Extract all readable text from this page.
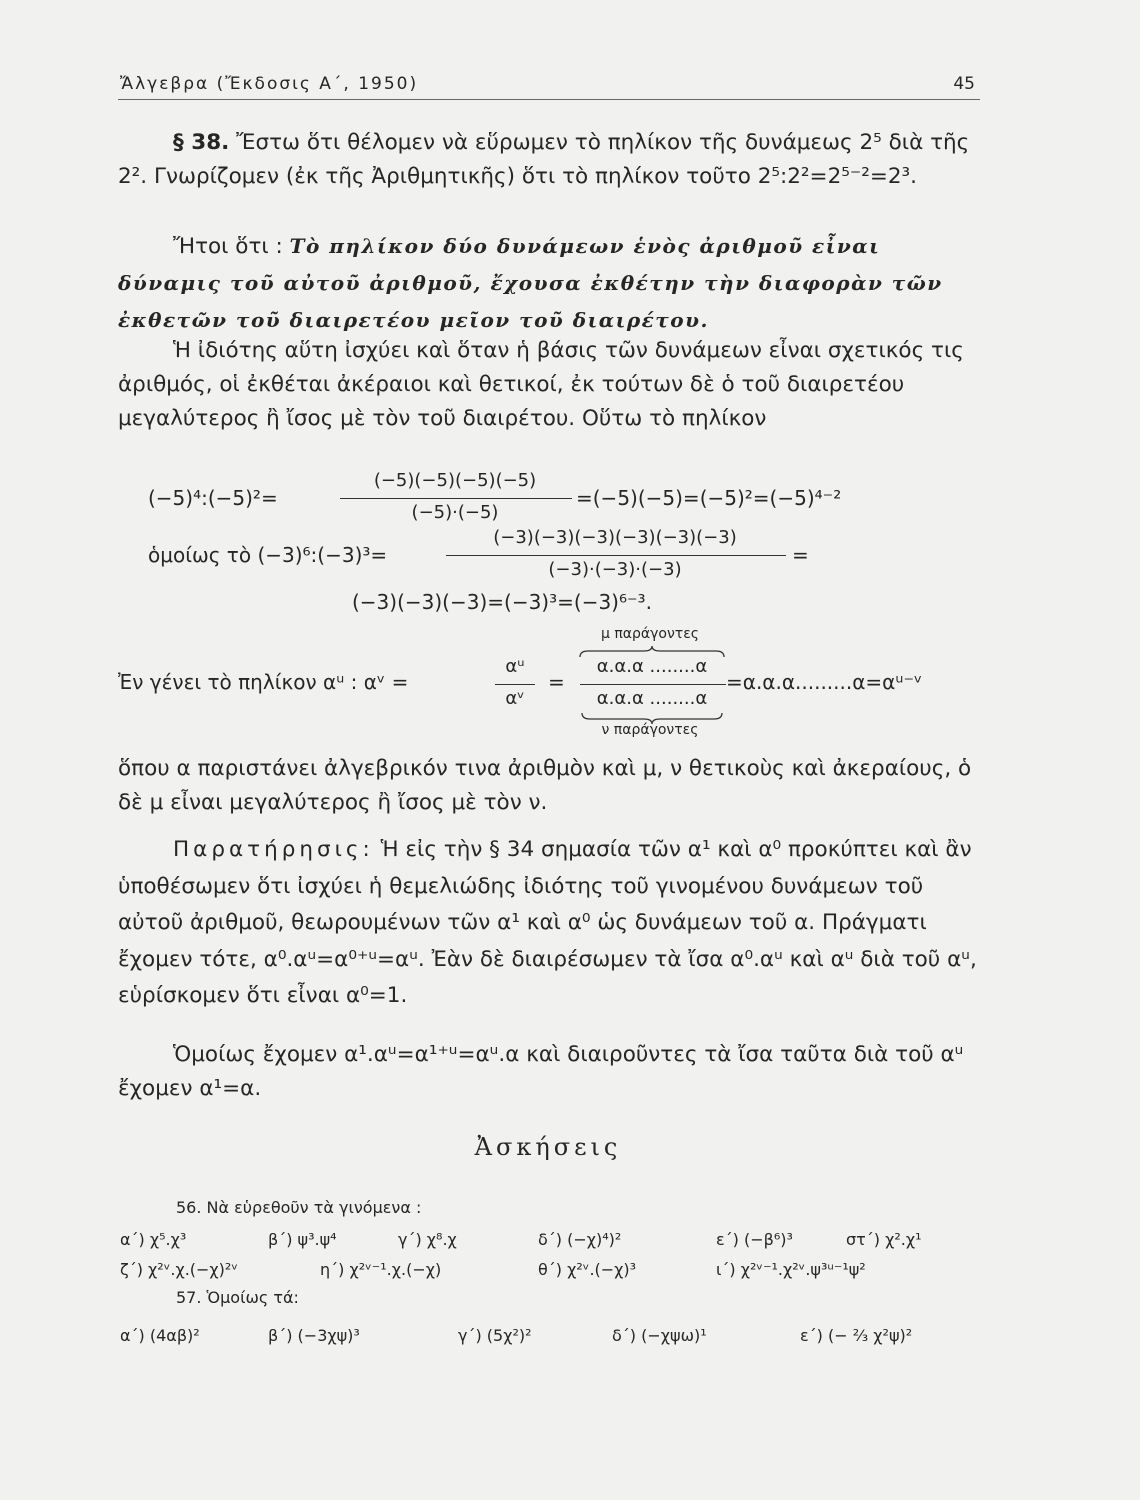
Ἄλγεβρα (Ἔκδοσις Α΄, 1950)	45
§ 38. Ἔστω ὅτι θέλομεν νὰ εὕρωμεν τὸ πηλίκον τῆς δυνάμεως 2⁵ διὰ τῆς 2². Γνωρίζομεν (ἐκ τῆς Ἀριθμητικῆς) ὅτι τὸ πηλίκον τοῦτο 2⁵:2²=2⁵⁻²=2³.
Ἤτοι ὅτι : Τὸ πηλίκον δύο δυνάμεων ἑνὸς ἀριθμοῦ εἶναι δύναμις τοῦ αὐτοῦ ἀριθμοῦ, ἔχουσα ἐκθέτην τὴν διαφορὰν τῶν ἐκθετῶν τοῦ διαιρετέου μεῖον τοῦ διαιρέτου.
Ἡ ἰδιότης αὕτη ἰσχύει καὶ ὅταν ἡ βάσις τῶν δυνάμεων εἶναι σχετικός τις ἀριθμός, οἱ ἐκθέται ἀκέραιοι καὶ θετικοί, ἐκ τούτων δὲ ὁ τοῦ διαιρετέου μεγαλύτερος ἢ ἴσος μὲ τὸν τοῦ διαιρέτου. Οὕτω τὸ πηλίκον
(−5)⁴:(−5)²=
(−5)(−5)(−5)(−5)
(−5)·(−5)
=(−5)(−5)=(−5)²=(−5)⁴⁻²
ὁμοίως τὸ (−3)⁶:(−3)³=
(−3)(−3)(−3)(−3)(−3)(−3)
(−3)·(−3)·(−3)
=
(−3)(−3)(−3)=(−3)³=(−3)⁶⁻³.
μ παράγοντες
Ἐν γένει τὸ πηλίκον αᵘ : αᵛ =
αᵘ
αᵛ
=
α.α.α ........α
α.α.α ........α
=α.α.α.........α=αᵘ⁻ᵛ
ν παράγοντες
ὅπου α παριστάνει ἀλγεβρικόν τινα ἀριθμὸν καὶ μ, ν θετικοὺς καὶ ἀκεραίους, ὁ δὲ μ εἶναι μεγαλύτερος ἢ ἴσος μὲ τὸν ν.
Παρατήρησις: Ἡ εἰς τὴν § 34 σημασία τῶν α¹ καὶ α⁰ προκύπτει καὶ ἂν ὑποθέσωμεν ὅτι ἰσχύει ἡ θεμελιώδης ἰδιότης τοῦ γινομένου δυνάμεων τοῦ αὐτοῦ ἀριθμοῦ, θεωρουμένων τῶν α¹ καὶ α⁰ ὡς δυνάμεων τοῦ α. Πράγματι ἔχομεν τότε, α⁰.αᵘ=α⁰⁺ᵘ=αᵘ. Ἐὰν δὲ διαιρέσωμεν τὰ ἴσα α⁰.αᵘ καὶ αᵘ διὰ τοῦ αᵘ, εὑρίσκομεν ὅτι εἶναι α⁰=1.
Ὁμοίως ἔχομεν α¹.αᵘ=α¹⁺ᵘ=αᵘ.α καὶ διαιροῦντες τὰ ἴσα ταῦτα διὰ τοῦ αᵘ ἔχομεν α¹=α.
Ἀσκήσεις
56. Νὰ εὑρεθοῦν τὰ γινόμενα :
α΄) χ⁵.χ³	β΄) ψ³.ψ⁴	γ΄) χ⁸.χ	δ΄) (−χ)⁴)²	ε΄) (−β⁶)³	στ΄) χ².χ¹
ζ΄) χ²ᵛ.χ.(−χ)²ᵛ	η΄) χ²ᵛ⁻¹.χ.(−χ)	θ΄) χ²ᵛ.(−χ)³	ι΄) χ²ᵛ⁻¹.χ²ᵛ.ψ³ᵘ⁻¹ψ²
57. Ὁμοίως τά:
α΄) (4αβ)²	β΄) (−3χψ)³	γ΄) (5χ²)²	δ΄) (−χψω)¹	ε΄) (− ²⁄₃ χ²ψ)²
